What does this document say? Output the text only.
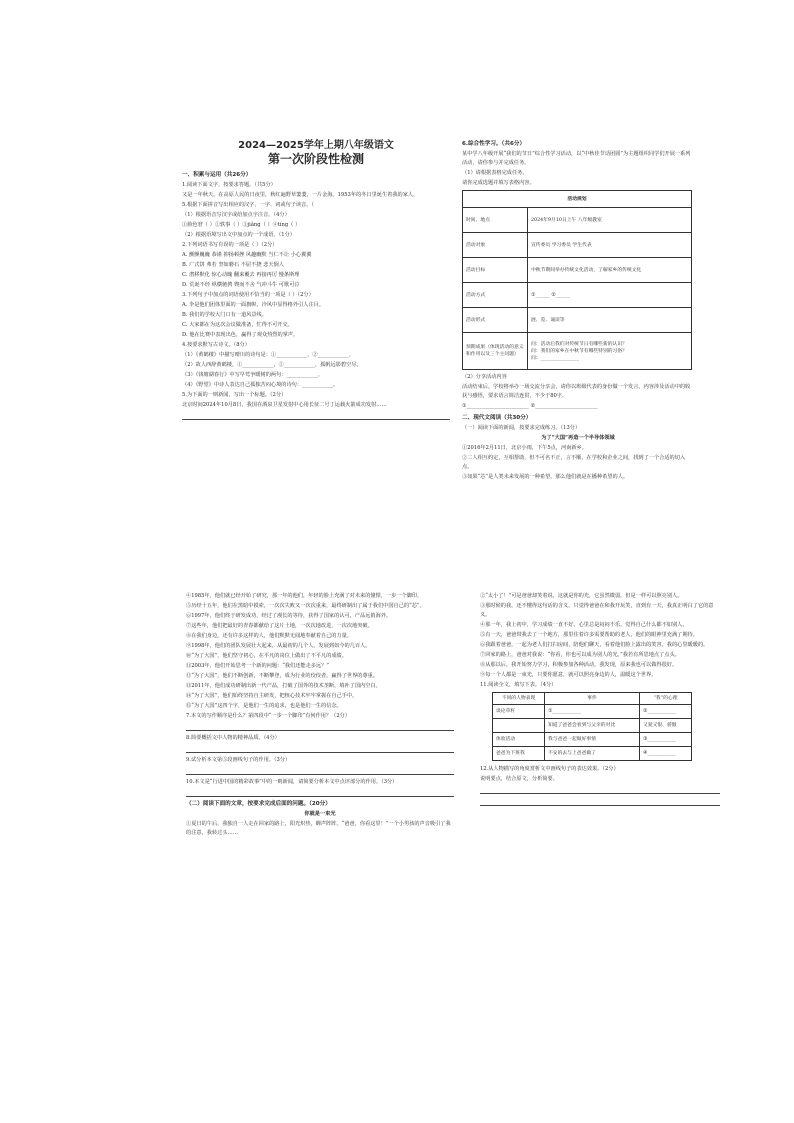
2024—2025学年上期八年级语文
第一次阶段性检测

一、积累与运用（共26分）

1.阅读下面文字，按要求答题。（共5分）

又是一年秋天，在高原人民的日夜里，秋红遍野草萋萋，一片金海。1953年的冬日里诞生着我的家人，

5.根据下面拼音写出相应的汉字，一字、词或句子读音。（

（1）根据语音写汉字或给加点字注音。（4分）

①脸色窘（ ）②轶事（ ）③jiǎng（ ）④tíng（ ）

（2）根据语境写出文中加点的一个成语。（1分）

2.下列词语书写有误的一项是（ ）（2分）

A. 颤颤巍巍 恭谨 抑扬顿挫 风趣幽默 当仁不让 小心翼翼

B. 广式饼 弗若 坚如磐石 不屈不挠 悲天悯人

C. 潜移默化 惊心动魄 翻来覆去 再接再厉 慢条斯理

D. 荒诞不经 纵横驰骋 锲而不舍 气冲斗牛 可歌可泣

3.下列句子中加点的词语使用不恰当的一项是（ ）（2分）

A. 伞是他们团体里面的一面旗帜，冷风中显得格外引人注目。

B. 我们的学校大门口有一道风景线。

C. 大家都在为这次会议做准备，忙得不可开交。

D. 他在比赛中表现出色，赢得了观众热烈的掌声。

4.按要求默写古诗文。（8分）

（1）《黄鹤楼》中描写晴川的诗句是：①____________，②____________。

（2）故人西辞黄鹤楼，①____________，②____________，孤帆远影碧空尽。

（3）《钱塘湖春行》中写早莺争暖树的两句：____________。

（4）《野望》中诗人表达自己孤独苦闷心境的诗句：____________。

5.为下面的一则新闻，写出一个标题。（2分）

北京时间2024年10月8日，我国在酒泉卫星发射中心用长征二号丁运载火箭成功发射……

6.综合性学习。（共6分）

某中学八年级开展“我们的节日”综合性学习活动，以“中秋佳节话团圆”为主题组织同学们开展一系列活动，请你参与并完成任务。

（1）请根据表格完成任务。

请你完成选题并填写表格内容。

活动规划	
时间、地点	2024年9月10日上午 八年级教室
活动对象	宣传委员 学习委员 学生代表
活动目标	中秋节期间举办传统文化活动，了解家乡的传统文化
活动方式	①______ ②______
活动形式	展、览、诵读等
预期成果（体现活动的意义和作用以及三个主问题）	问：活动后我们对传统节日有哪些新的认识？
问：我们的家乡在中秋节有哪些特别的习俗？
问：________________

（2）分享活动内容

活动结束后，学校将举办一场交流分享会，请你以班级代表的身份做一个发言，内容涉及活动中的收获与感悟，要求语言简洁连贯，不少于80字。

①________________________ ②________________________

二、现代文阅读（共30分）

（一）阅读下面的新闻，按要求完成练习。（13分）

为了“大国”再造一个半导体领域

①2016年2月11日，北京小雨，下午5点，河南新乡。

②二人相互约定，互相帮助，但不可名不正，言不顺，在学校和企业之间，找到了一个合适的切入点。

③如果“芯”是人类未来发展的一种希望，那么他们就是在播种希望的人。

④1985年，他们就已经开始了研究，那一年的他们，年轻的脸上充满了对未来的憧憬，一步一个脚印。

⑤历经十五年，他们在黑暗中摸索，一次次失败又一次次重来，最终研制出了属于我们中国自己的“芯”。

⑥1997年，他们终于研发成功，经过了漫长的等待，获得了国家的认可，产品远销海外。

⑦这些年，他们把最好的青春都献给了这片土地，一次次地改进，一次次地突破。

⑧在我们身边，还有许多这样的人，他们默默无闻地奉献着自己的力量。

⑨1998年，他们的团队发展壮大起来，从最初的几个人，发展到如今的几百人。

⑩“为了大国”，他们坚守初心，在平凡的岗位上做出了不平凡的成绩。

⑪2003年，他们开始思考一个新的问题：“我们还能走多远？”

⑫“为了大国”，他们不断创新，不断攀登，成为行业的佼佼者，赢得了世界的尊重。

⑬2011年，他们成功研制出新一代产品，打破了国外的技术垄断，填补了国内空白。

⑭“为了大国”，他们始终坚持自主研发，把核心技术牢牢掌握在自己手中。

⑮“为了大国”这四个字，是他们一生的追求，也是他们一生的信念。

7.本文的写作顺序是什么？第四段中“一步一个脚印”有何作用？（2分）

8.简要概括文中人物的精神品质。（4分）

9.试分析本文第⑤段画线句子的作用。（3分）

10.本文是“行进中国的精彩故事”中的一则新闻，请简要分析本文中点评部分的作用。（3分）

（二）阅读下面的文章，按要求完成后面的问题。（20分）

你就是一束光

①夏日的午后，我独自一人走在回家的路上，阳光炽热，蝉声阵阵。“爸爸，你看这里！”一个小男孩的声音吸引了我的注意，我转过头……

②“太小了！”可是爸爸却笑着说，这就是你的光，它虽然微弱，但是一样可以照亮别人。

③那时候的我，还不懂得这句话的含义，只觉得爸爸在和我开玩笑，直到有一天，我真正明白了它的意义。

④那一年，我上初中，学习成绩一直不好，心里总是闷闷不乐，觉得自己什么都不如别人。

⑤有一天，爸爸带我去了一个地方，那里住着许多需要帮助的老人，他们的眼神里充满了期待。

⑥我跟着爸爸，一起为老人们打扫房间，陪他们聊天，看着他们脸上露出的笑容，我的心里暖暖的。

⑦回家的路上，爸爸对我说：“你看，你也可以成为别人的光。”我若有所思地点了点头。

⑧从那以后，我开始努力学习，积极参加各种活动，我发现，原来我也可以做得很好。

⑨每一个人都是一束光，只要你愿意，就可以照亮身边的人，温暖这个世界。

11.阅读全文，填写下表。（4分）

不同的人物表现	事件	“我”的心理
谈论草籽	①____________	②____________
	知道了爸爸会看到与父亲的对比	又爱又恨、骄傲
体验活动	我与爸爸一起做好事情	③____________
爸爸为下班我	不安的去与上爸爸做了	④____________

12.从人物描写的角度赏析文中画线句子的表达效果。（2分）

说明要点，结合原文，分析简要。
